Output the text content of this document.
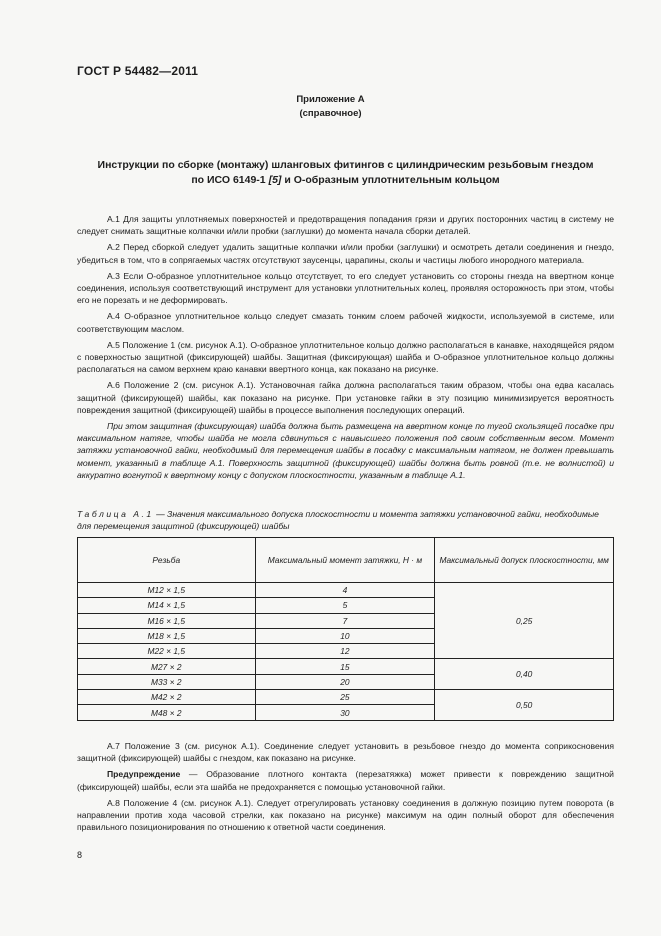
ГОСТ Р 54482—2011
Приложение А
(справочное)
Инструкции по сборке (монтажу) шланговых фитингов с цилиндрическим резьбовым гнездом
по ИСО 6149-1 [5] и О-образным уплотнительным кольцом

А.1 Для защиты уплотняемых поверхностей и предотвращения попадания грязи и других посторонних частиц в систему не следует снимать защитные колпачки и/или пробки (заглушки) до момента начала сборки деталей.

А.2 Перед сборкой следует удалить защитные колпачки и/или пробки (заглушки) и осмотреть детали соединения и гнездо, убедиться в том, что в сопрягаемых частях отсутствуют заусенцы, царапины, сколы и частицы любого инородного материала.

А.3 Если О-образное уплотнительное кольцо отсутствует, то его следует установить со стороны гнезда на ввертном конце соединения, используя соответствующий инструмент для установки уплотнительных колец, проявляя осторожность при этом, чтобы его не порезать и не деформировать.

А.4 О-образное уплотнительное кольцо следует смазать тонким слоем рабочей жидкости, используемой в системе, или соответствующим маслом.

А.5 Положение 1 (см. рисунок А.1). О-образное уплотнительное кольцо должно располагаться в канавке, находящейся рядом с поверхностью защитной (фиксирующей) шайбы. Защитная (фиксирующая) шайба и О-образное уплотнительное кольцо должны располагаться на самом верхнем краю канавки ввертного конца, как показано на рисунке.

А.6 Положение 2 (см. рисунок А.1). Установочная гайка должна располагаться таким образом, чтобы она едва касалась защитной (фиксирующей) шайбы, как показано на рисунке. При установке гайки в эту позицию минимизируется вероятность повреждения защитной (фиксирующей) шайбы в процессе выполнения последующих операций.

При этом защитная (фиксирующая) шайба должна быть размещена на ввертном конце по тугой скользящей посадке при максимальном натяге, чтобы шайба не могла сдвинуться с наивысшего положения под своим собственным весом. Момент затяжки установочной гайки, необходимый для перемещения шайбы в посадку с максимальным натягом, не должен превышать момент, указанный в таблице А.1. Поверхность защитной (фиксирующей) шайбы должна быть ровной (т.е. не волнистой) и аккуратно вогнутой к ввертному концу с допуском плоскостности, указанным в таблице А.1.

Таблица А.1 — Значения максимального допуска плоскостности и момента затяжки установочной гайки, необходимые для перемещения защитной (фиксирующей) шайбы
Резьба	Максимальный момент затяжки, Н · м	Максимальный допуск плоскостности, мм
M12 × 1,5	4	0,25
M14 × 1,5	5	
M16 × 1,5	7	
M18 × 1,5	10	
M22 × 1,5	12	
M27 × 2	15	0,40
M33 × 2	20	
M42 × 2	25	0,50
M48 × 2	30	

А.7 Положение 3 (см. рисунок А.1). Соединение следует установить в резьбовое гнездо до момента соприкосновения защитной (фиксирующей) шайбы с гнездом, как показано на рисунке.

Предупреждение — Образование плотного контакта (перезатяжка) может привести к повреждению защитной (фиксирующей) шайбы, если эта шайба не предохраняется с помощью установочной гайки.

А.8 Положение 4 (см. рисунок А.1). Следует отрегулировать установку соединения в должную позицию путем поворота (в направлении против хода часовой стрелки, как показано на рисунке) максимум на один полный оборот для обеспечения правильного позиционирования по отношению к ответной части соединения.

8
